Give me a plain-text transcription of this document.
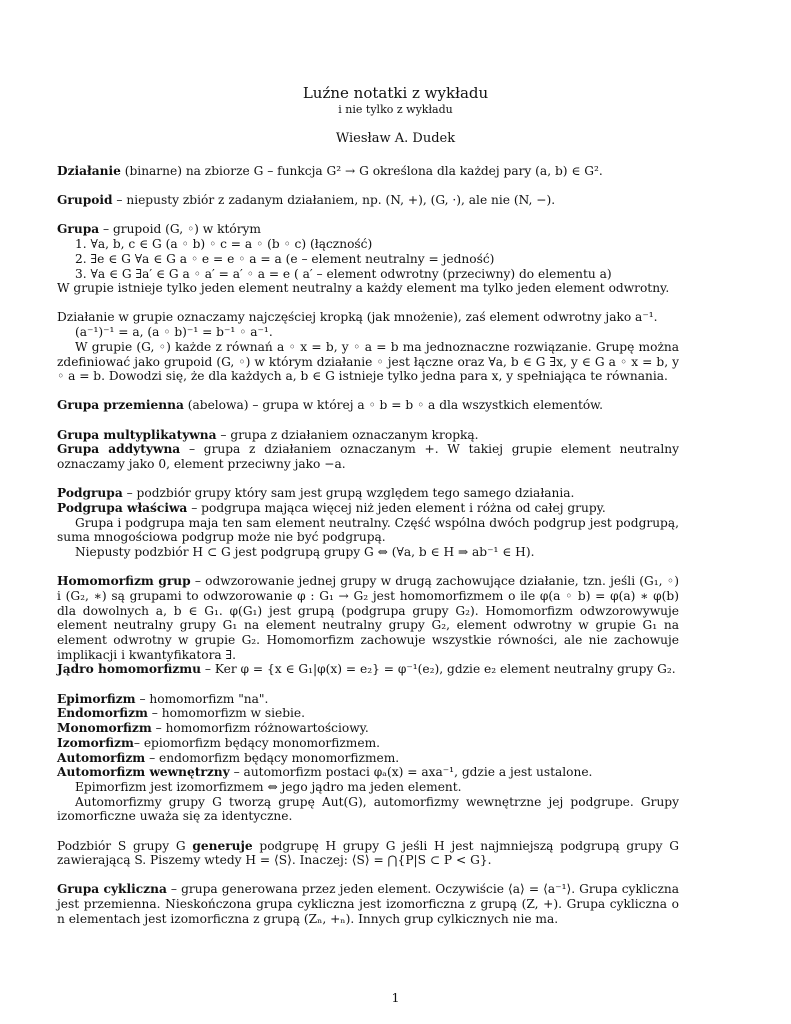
Luźne notatki z wykładu
i nie tylko z wykładu
Wiesław A. Dudek

Działanie (binarne) na zbiorze G – funkcja G² → G określona dla każdej pary (a, b) ∈ G².

Grupoid – niepusty zbiór z zadanym działaniem, np. (N, +), (G, ·), ale nie (N, −).

Grupa – grupoid (G, ◦) w którym

1. ∀a, b, c ∈ G (a ◦ b) ◦ c = a ◦ (b ◦ c) (łączność)

2. ∃e ∈ G ∀a ∈ G a ◦ e = e ◦ a = a (e – element neutralny = jedność)

3. ∀a ∈ G ∃a′ ∈ G a ◦ a′ = a′ ◦ a = e ( a′ – element odwrotny (przeciwny) do elementu a)

W grupie istnieje tylko jeden element neutralny a każdy element ma tylko jeden element odwrotny.

Działanie w grupie oznaczamy najczęściej kropką (jak mnożenie), zaś element odwrotny jako a⁻¹.

(a⁻¹)⁻¹ = a, (a ◦ b)⁻¹ = b⁻¹ ◦ a⁻¹.

W grupie (G, ◦) każde z równań a ◦ x = b, y ◦ a = b ma jednoznaczne rozwiązanie. Grupę można zdefiniować jako grupoid (G, ◦) w którym działanie ◦ jest łączne oraz ∀a, b ∈ G ∃x, y ∈ G a ◦ x = b, y ◦ a = b. Dowodzi się, że dla każdych a, b ∈ G istnieje tylko jedna para x, y spełniająca te równania.

Grupa przemienna (abelowa) – grupa w której a ◦ b = b ◦ a dla wszystkich elementów.

Grupa multyplikatywna – grupa z działaniem oznaczanym kropką.

Grupa addytywna – grupa z działaniem oznaczanym +. W takiej grupie element neutralny oznaczamy jako 0, element przeciwny jako −a.

Podgrupa – podzbiór grupy który sam jest grupą względem tego samego działania.

Podgrupa właściwa – podgrupa mająca więcej niż jeden element i różna od całej grupy.

Grupa i podgrupa maja ten sam element neutralny. Część wspólna dwóch podgrup jest podgrupą, suma mnogościowa podgrup może nie być podgrupą.

Niepusty podzbiór H ⊂ G jest podgrupą grupy G ⇔ (∀a, b ∈ H ⇒ ab⁻¹ ∈ H).

Homomorfizm grup – odwzorowanie jednej grupy w drugą zachowujące działanie, tzn. jeśli (G₁, ◦) i (G₂, ∗) są grupami to odwzorowanie φ : G₁ → G₂ jest homomorfizmem o ile φ(a ◦ b) = φ(a) ∗ φ(b) dla dowolnych a, b ∈ G₁. φ(G₁) jest grupą (podgrupa grupy G₂). Homomorfizm odwzorowywuje element neutralny grupy G₁ na element neutralny grupy G₂, element odwrotny w grupie G₁ na element odwrotny w grupie G₂. Homomorfizm zachowuje wszystkie równości, ale nie zachowuje implikacji i kwantyfikatora ∃.

Jądro homomorfizmu – Ker φ = {x ∈ G₁|φ(x) = e₂} = φ⁻¹(e₂), gdzie e₂ element neutralny grupy G₂.

Epimorfizm – homomorfizm "na".

Endomorfizm – homomorfizm w siebie.

Monomorfizm – homomorfizm różnowartościowy.

Izomorfizm– epiomorfizm będący monomorfizmem.

Automorfizm – endomorfizm będący monomorfizmem.

Automorfizm wewnętrzny – automorfizm postaci φₐ(x) = axa⁻¹, gdzie a jest ustalone.

Epimorfizm jest izomorfizmem ⇔ jego jądro ma jeden element.

Automorfizmy grupy G tworzą grupę Aut(G), automorfizmy wewnętrzne jej podgrupe. Grupy izomorficzne uważa się za identyczne.

Podzbiór S grupy G generuje podgrupę H grupy G jeśli H jest najmniejszą podgrupą grupy G zawierającą S. Piszemy wtedy H = ⟨S⟩. Inaczej: ⟨S⟩ = ⋂{P|S ⊂ P < G}.

Grupa cykliczna – grupa generowana przez jeden element. Oczywiście ⟨a⟩ = ⟨a⁻¹⟩. Grupa cykliczna jest przemienna. Nieskończona grupa cykliczna jest izomorficzna z grupą (Z, +). Grupa cykliczna o n elementach jest izomorficzna z grupą (Zₙ, +ₙ). Innych grup cylkicznych nie ma.

1
